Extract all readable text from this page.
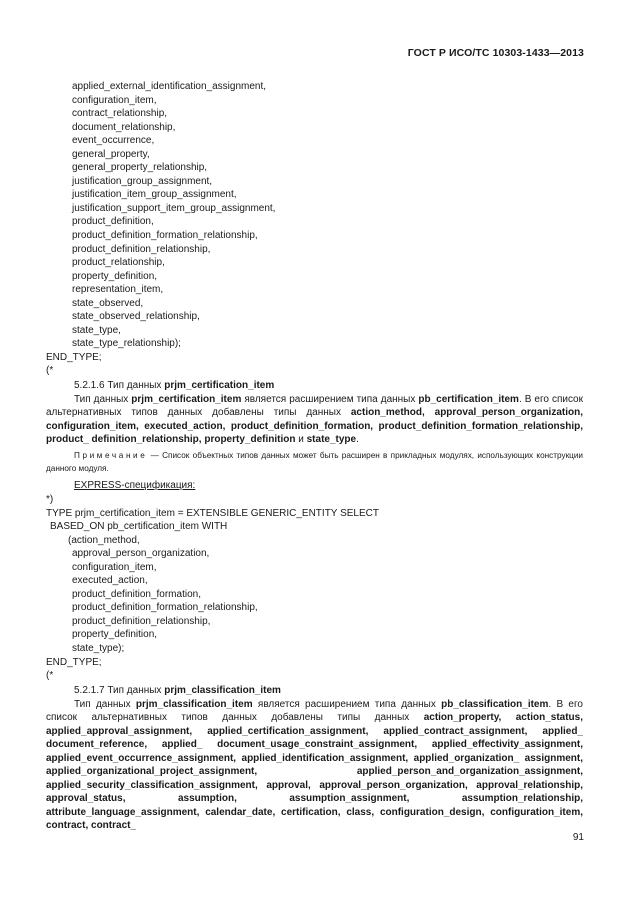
ГОСТ Р ИСО/ТС 10303-1433—2013
applied_external_identification_assignment,
configuration_item,
contract_relationship,
document_relationship,
event_occurrence,
general_property,
general_property_relationship,
justification_group_assignment,
justification_item_group_assignment,
justification_support_item_group_assignment,
product_definition,
product_definition_formation_relationship,
product_definition_relationship,
product_relationship,
property_definition,
representation_item,
state_observed,
state_observed_relationship,
state_type,
state_type_relationship);
END_TYPE;
(*
5.2.1.6 Тип данных prjm_certification_item
Тип данных prjm_certification_item является расширением типа данных pb_certification_item. В его список альтернативных типов данных добавлены типы данных action_method, approval_person_organization, configuration_item, executed_action, product_definition_formation, product_definition_formation_relationship, product_ definition_relationship, property_definition и state_type.
Примечание — Список объектных типов данных может быть расширен в прикладных модулях, использующих конструкции данного модуля.
EXPRESS-спецификация:
*)
TYPE prjm_certification_item = EXTENSIBLE GENERIC_ENTITY SELECT
BASED_ON pb_certification_item WITH
(action_method,
approval_person_organization,
configuration_item,
executed_action,
product_definition_formation,
product_definition_formation_relationship,
product_definition_relationship,
property_definition,
state_type);
END_TYPE;
(*
5.2.1.7 Тип данных prjm_classification_item
Тип данных prjm_classification_item является расширением типа данных pb_classification_item. В его список альтернативных типов данных добавлены типы данных action_property, action_status, applied_approval_assignment, applied_certification_assignment, applied_contract_assignment, applied_ document_reference, applied_ document_usage_constraint_assignment, applied_effectivity_assignment, applied_event_occurrence_assignment, applied_identification_assignment, applied_organization_ assignment, applied_organizational_project_assignment, applied_person_and_organization_assignment, applied_security_classification_assignment, approval, approval_person_organization, approval_relationship, approval_status, assumption, assumption_assignment, assumption_relationship, attribute_language_assignment, calendar_date, certification, class, configuration_design, configuration_item, contract, contract_
91
